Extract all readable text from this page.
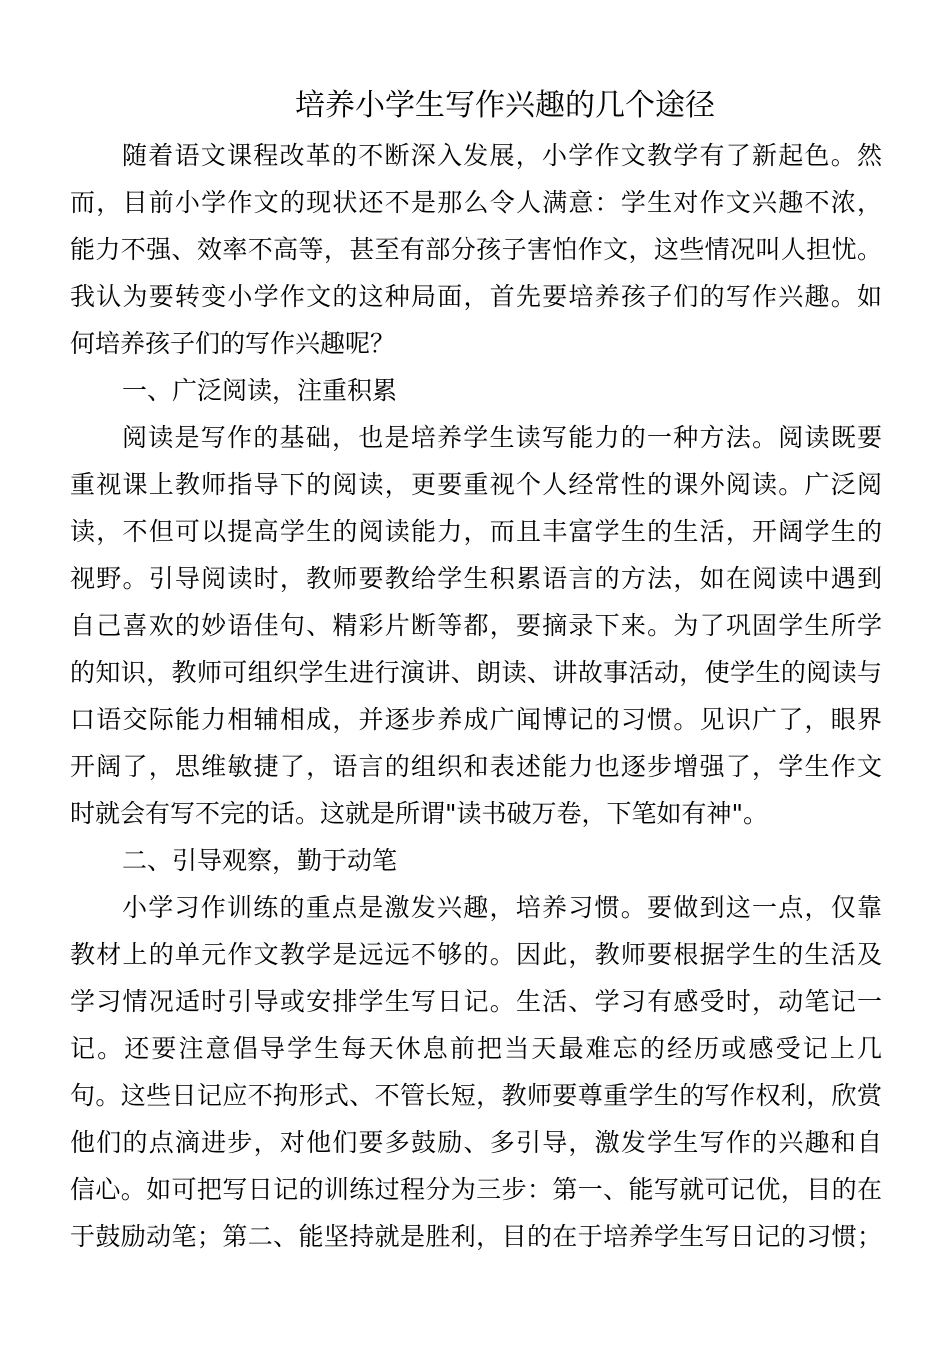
培养小学生写作兴趣的几个途径

随着语文课程改革的不断深入发展，小学作文教学有了新起色。然

而，目前小学作文的现状还不是那么令人满意：学生对作文兴趣不浓，

能力不强、效率不高等，甚至有部分孩子害怕作文，这些情况叫人担忧。

我认为要转变小学作文的这种局面，首先要培养孩子们的写作兴趣。如

何培养孩子们的写作兴趣呢？

一、广泛阅读，注重积累

阅读是写作的基础，也是培养学生读写能力的一种方法。阅读既要

重视课上教师指导下的阅读，更要重视个人经常性的课外阅读。广泛阅

读，不但可以提高学生的阅读能力，而且丰富学生的生活，开阔学生的

视野。引导阅读时，教师要教给学生积累语言的方法，如在阅读中遇到

自己喜欢的妙语佳句、精彩片断等都，要摘录下来。为了巩固学生所学

的知识，教师可组织学生进行演讲、朗读、讲故事活动，使学生的阅读与

口语交际能力相辅相成，并逐步养成广闻博记的习惯。见识广了，眼界

开阔了，思维敏捷了，语言的组织和表述能力也逐步增强了，学生作文

时就会有写不完的话。这就是所谓"读书破万卷，下笔如有神"。

二、引导观察，勤于动笔

小学习作训练的重点是激发兴趣，培养习惯。要做到这一点，仅靠

教材上的单元作文教学是远远不够的。因此，教师要根据学生的生活及

学习情况适时引导或安排学生写日记。生活、学习有感受时，动笔记一

记。还要注意倡导学生每天休息前把当天最难忘的经历或感受记上几

句。这些日记应不拘形式、不管长短，教师要尊重学生的写作权利，欣赏

他们的点滴进步，对他们要多鼓励、多引导，激发学生写作的兴趣和自

信心。如可把写日记的训练过程分为三步：第一、能写就可记优，目的在

于鼓励动笔；第二、能坚持就是胜利，目的在于培养学生写日记的习惯；
